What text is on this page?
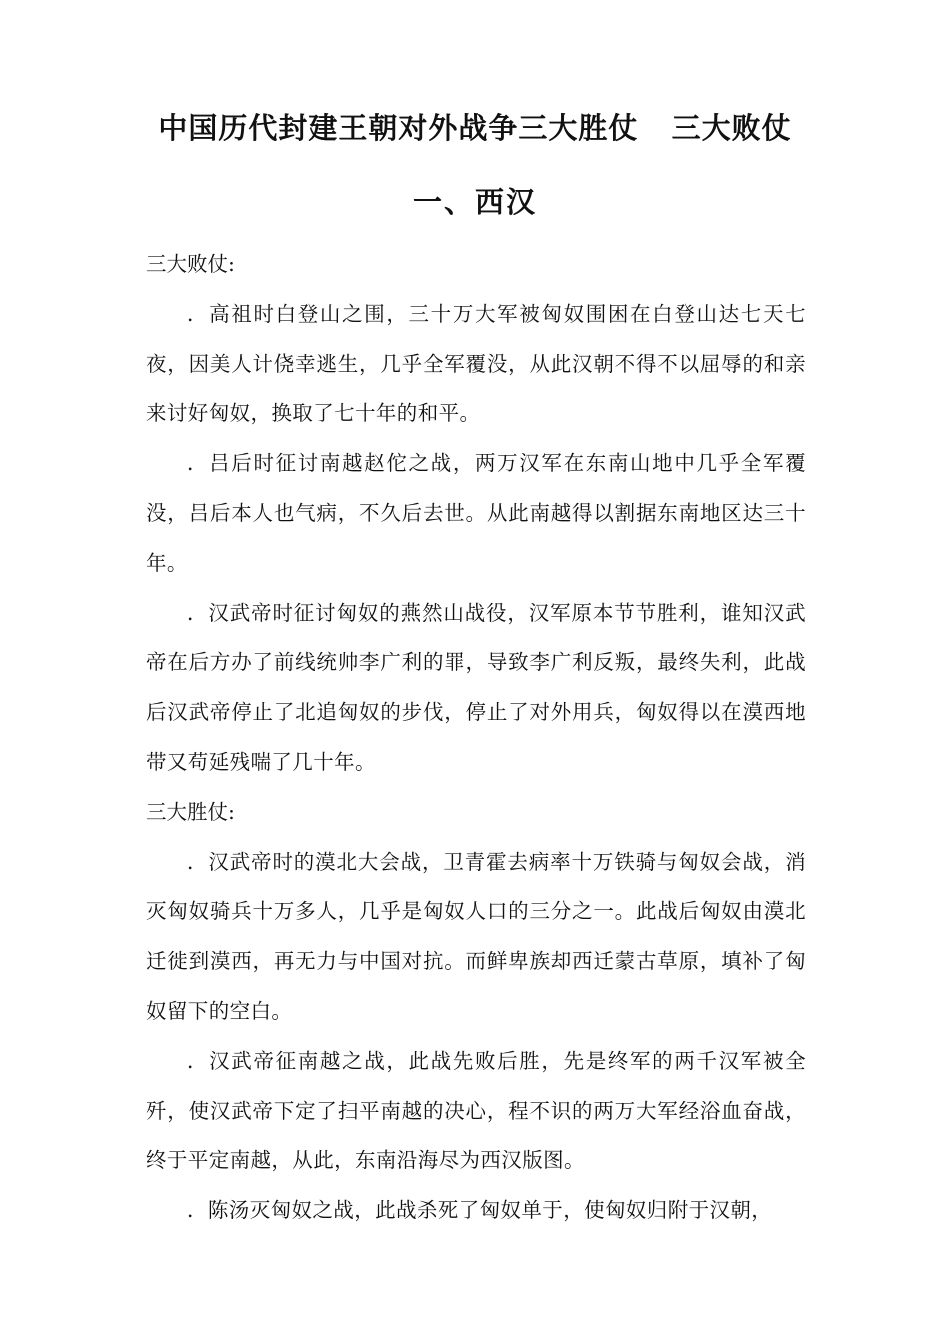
中国历代封建王朝对外战争三大胜仗   三大败仗
一、西汉

三大败仗:

．高祖时白登山之围，三十万大军被匈奴围困在白登山达七天七夜，因美人计侥幸逃生，几乎全军覆没，从此汉朝不得不以屈辱的和亲来讨好匈奴，换取了七十年的和平。

．吕后时征讨南越赵佗之战，两万汉军在东南山地中几乎全军覆没，吕后本人也气病，不久后去世。从此南越得以割据东南地区达三十年。

．汉武帝时征讨匈奴的燕然山战役，汉军原本节节胜利，谁知汉武帝在后方办了前线统帅李广利的罪，导致李广利反叛，最终失利，此战后汉武帝停止了北追匈奴的步伐，停止了对外用兵，匈奴得以在漠西地带又苟延残喘了几十年。

三大胜仗:

．汉武帝时的漠北大会战，卫青霍去病率十万铁骑与匈奴会战，消灭匈奴骑兵十万多人，几乎是匈奴人口的三分之一。此战后匈奴由漠北迁徙到漠西，再无力与中国对抗。而鲜卑族却西迁蒙古草原，填补了匈奴留下的空白。

．汉武帝征南越之战，此战先败后胜，先是终军的两千汉军被全歼，使汉武帝下定了扫平南越的决心，程不识的两万大军经浴血奋战，终于平定南越，从此，东南沿海尽为西汉版图。

．陈汤灭匈奴之战，此战杀死了匈奴单于，使匈奴归附于汉朝，
